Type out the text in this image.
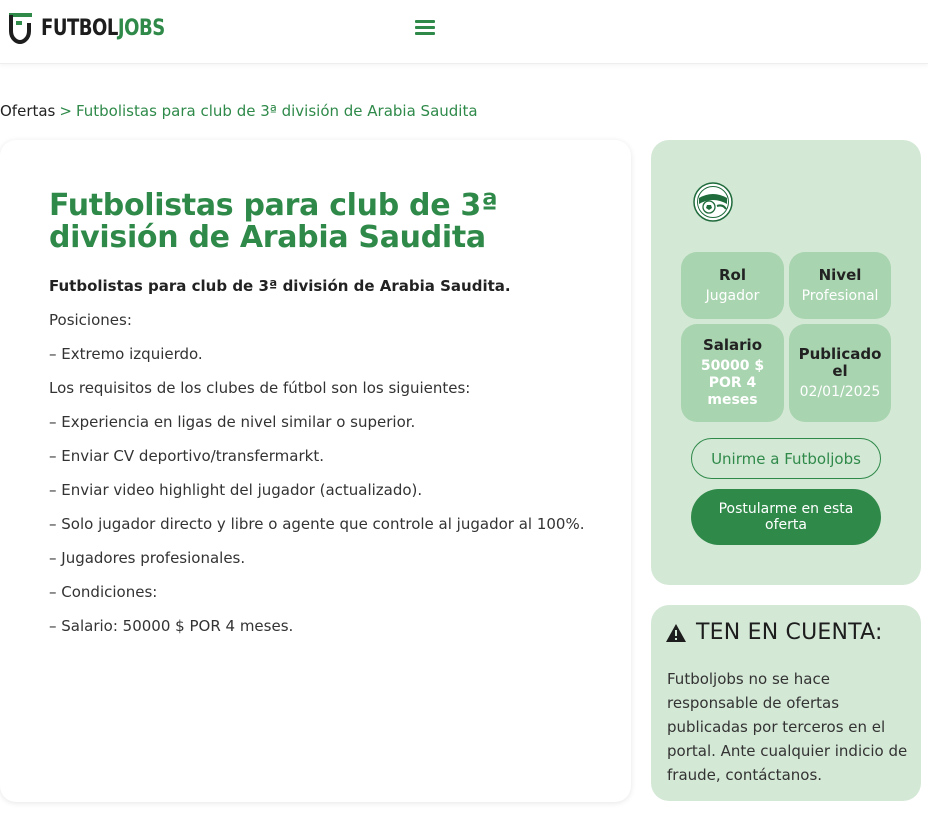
FUTBOLJOBS
Ofertas > Futbolistas para club de 3ª división de Arabia Saudita
Futbolistas para club de 3ª división de Arabia Saudita

Futbolistas para club de 3ª división de Arabia Saudita.

Posiciones:

– Extremo izquierdo.

Los requisitos de los clubes de fútbol son los siguientes:

– Experiencia en ligas de nivel similar o superior.

– Enviar CV deportivo/transfermarkt.

– Enviar video highlight del jugador (actualizado).

– Solo jugador directo y libre o agente que controle al jugador al 100%.

– Jugadores profesionales.

– Condiciones:

– Salario: 50000 $ POR 4 meses.

Rol
Jugador
Nivel
Profesional
Salario
50000 $ POR 4 meses
Publicado el
02/01/2025
Unirme a Futboljobs
Postularme en esta oferta
TEN EN CUENTA:

Futboljobs no se hace responsable de ofertas publicadas por terceros en el portal. Ante cualquier indicio de fraude, contáctanos.
